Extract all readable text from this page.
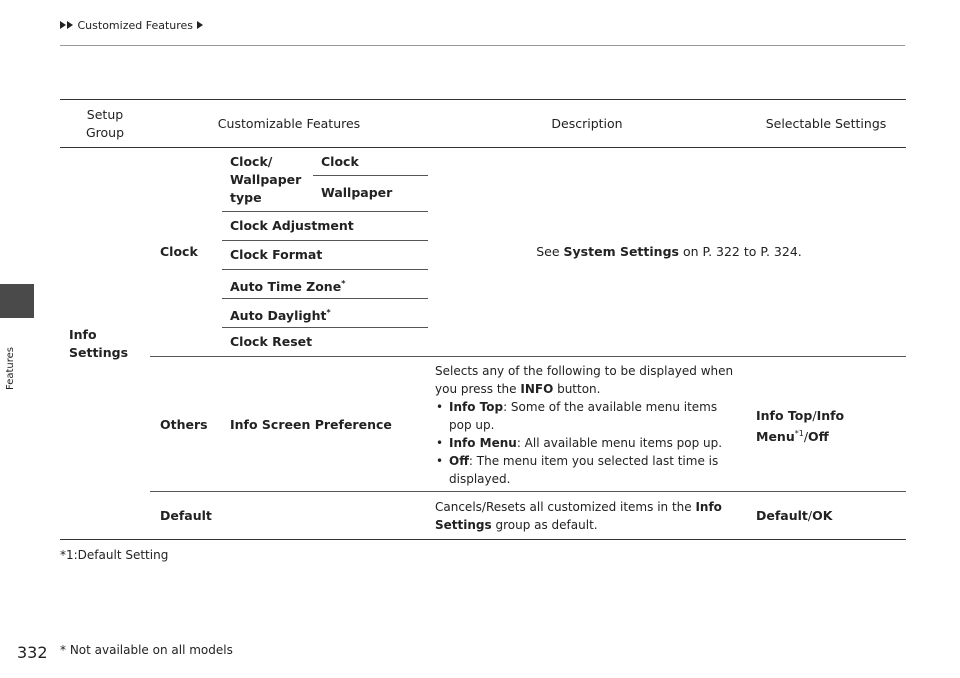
Customized Features
Features
Setup
Group
Customizable Features	Description	Selectable Settings
Info
Settings
Clock
Clock/
Wallpaper
type
Clock
Wallpaper
Clock Adjustment
Clock Format
Auto Time Zone*
Auto Daylight*
Clock Reset
See System Settings on P. 322 to P. 324.
Others Info Screen Preference
Selects any of the following to be displayed when
you press the INFO button.
• Info Top: Some of the available menu items pop up.
• Info Menu: All available menu items pop up.
• Off: The menu item you selected last time is displayed.
Info Top/Info
Menu$^{*1}$/Off
Default
Cancels/Resets all customized items in the Info
Settings group as default.
Default/OK
*1:Default Setting
332 * Not available on all models
